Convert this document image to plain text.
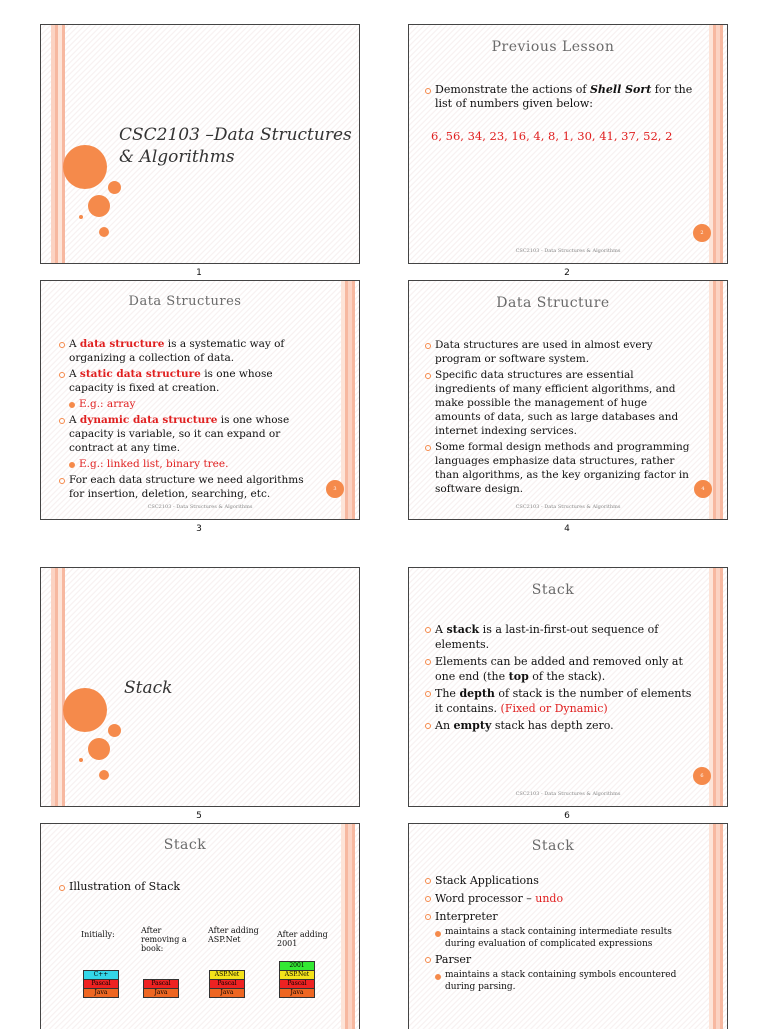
CSC2103 –Data Structures
& Algorithms
1
Previous Lesson
Demonstrate the actions of Shell Sort for the list of numbers given below:
6, 56, 34, 23, 16, 4, 8, 1, 30, 41, 37, 52, 2
2
CSC2103 - Data Structures & Algorithms
2
Data Structures
A data structure is a systematic way of organizing a collection of data.
A static data structure is one whose capacity is fixed at creation.
E.g.: array
A dynamic data structure is one whose capacity is variable, so it can expand or contract at any time.
E.g.: linked list, binary tree.
For each data structure we need algorithms for insertion, deletion, searching, etc.	3
CSC2103 - Data Structures & Algorithms
3
Data Structure
Data structures are used in almost every program or software system.
Specific data structures are essential ingredients of many efficient algorithms, and make possible the management of huge amounts of data, such as large databases and internet indexing services.
Some formal design methods and programming languages emphasize data structures, rather than algorithms, as the key organizing factor in software design.	4
CSC2103 - Data Structures & Algorithms
4
Stack
5
Stack
A stack is a last-in-first-out sequence of elements.
Elements can be added and removed only at one end (the top of the stack).
The depth of stack is the number of elements it contains. (Fixed or Dynamic)
An empty stack has depth zero.
6
CSC2103 - Data Structures & Algorithms
6
Stack
Illustration of Stack
Initially:	After removing a book:
After adding ASP.Net
After adding 2001
C++
Pascal
Java
Pascal
Java
ASP.Net
Pascal
Java
2001
ASP.Net
Pascal
Java
Stack
Stack Applications
Word processor – undo
Interpreter
maintains a stack containing intermediate results during evaluation of complicated expressions
Parser
maintains a stack containing symbols encountered during parsing.
